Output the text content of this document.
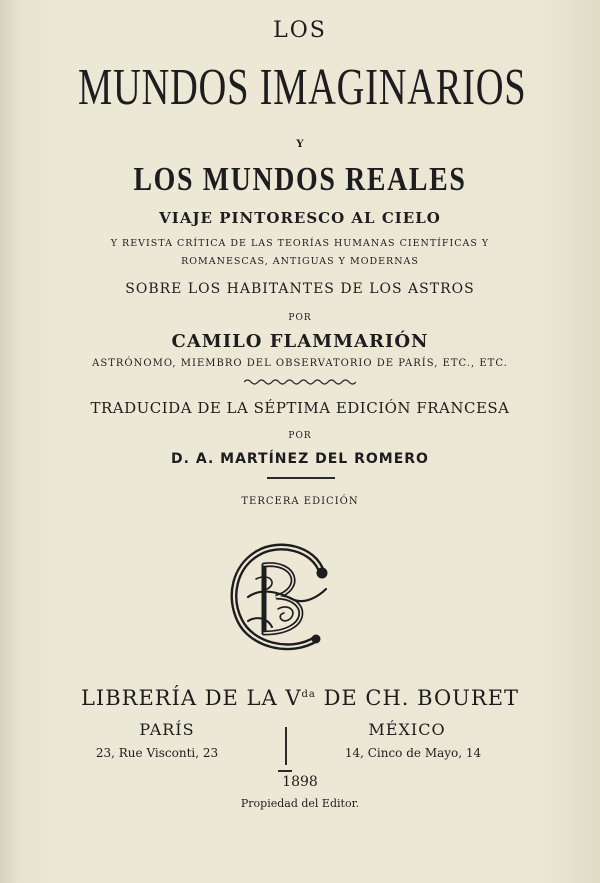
LOS
MUNDOS IMAGINARIOS
Y
LOS MUNDOS REALES
VIAJE PINTORESCO AL CIELO
Y REVISTA CRÍTICA DE LAS TEORÍAS HUMANAS CIENTÍFICAS Y
ROMANESCAS, ANTIGUAS Y MODERNAS
SOBRE LOS HABITANTES DE LOS ASTROS
POR
CAMILO FLAMMARIÓN
ASTRÓNOMO, MIEMBRO DEL OBSERVATORIO DE PARÍS, ETC., ETC.
TRADUCIDA DE LA SÉPTIMA EDICIÓN FRANCESA
POR
D. A. MARTÍNEZ DEL ROMERO
TERCERA EDICIÓN
LIBRERÍA DE LA $V^{da}$ DE CH. BOURET
PARÍS
23, Rue Visconti, 23
MÉXICO
14, Cinco de Mayo, 14
1898
Propiedad del Editor.
